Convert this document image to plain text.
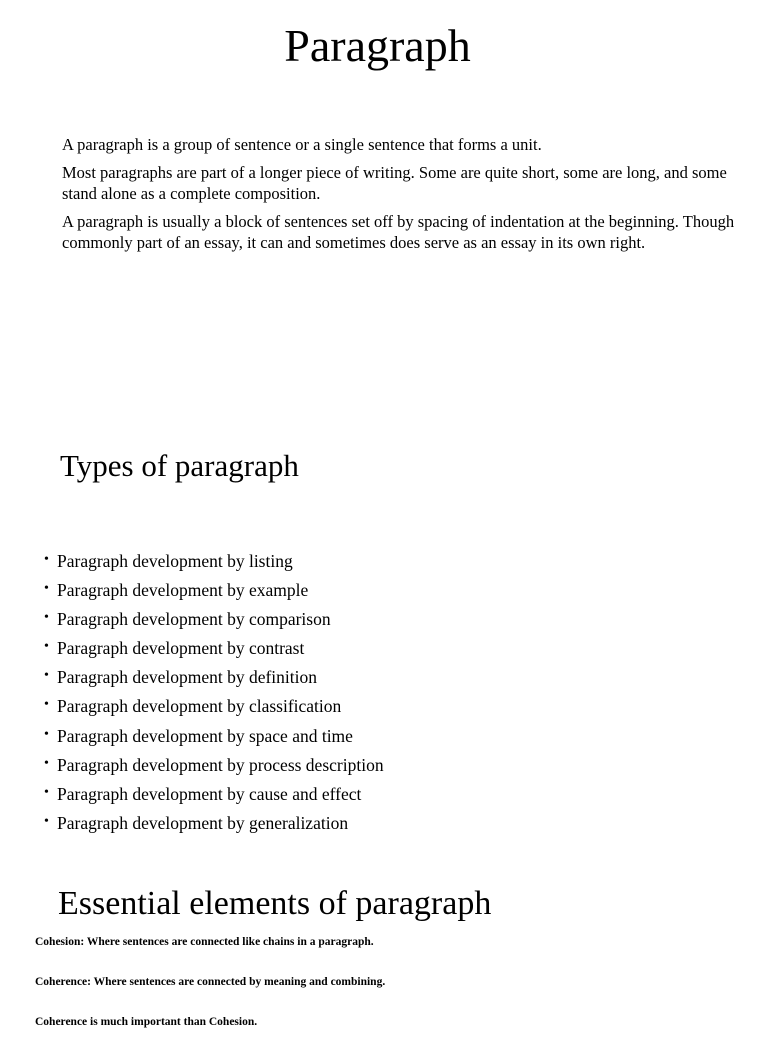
Paragraph

A paragraph is a group of sentence or a single sentence that forms a unit.

Most paragraphs are part of a longer piece of writing. Some are quite short, some are long, and some stand alone as a complete composition.

A paragraph is usually a block of sentences set off by spacing of indentation at the beginning. Though commonly part of an essay, it can and sometimes does serve as an essay in its own right.

Types of paragraph
• Paragraph development by listing
• Paragraph development by example
• Paragraph development by comparison
• Paragraph development by contrast
• Paragraph development by definition
• Paragraph development by classification
• Paragraph development by space and time
• Paragraph development by process description
• Paragraph development by cause and effect
• Paragraph development by generalization
Essential elements of paragraph

Cohesion: Where sentences are connected like chains in a paragraph.

Coherence: Where sentences are connected by meaning and combining.

Coherence is much important than Cohesion.
